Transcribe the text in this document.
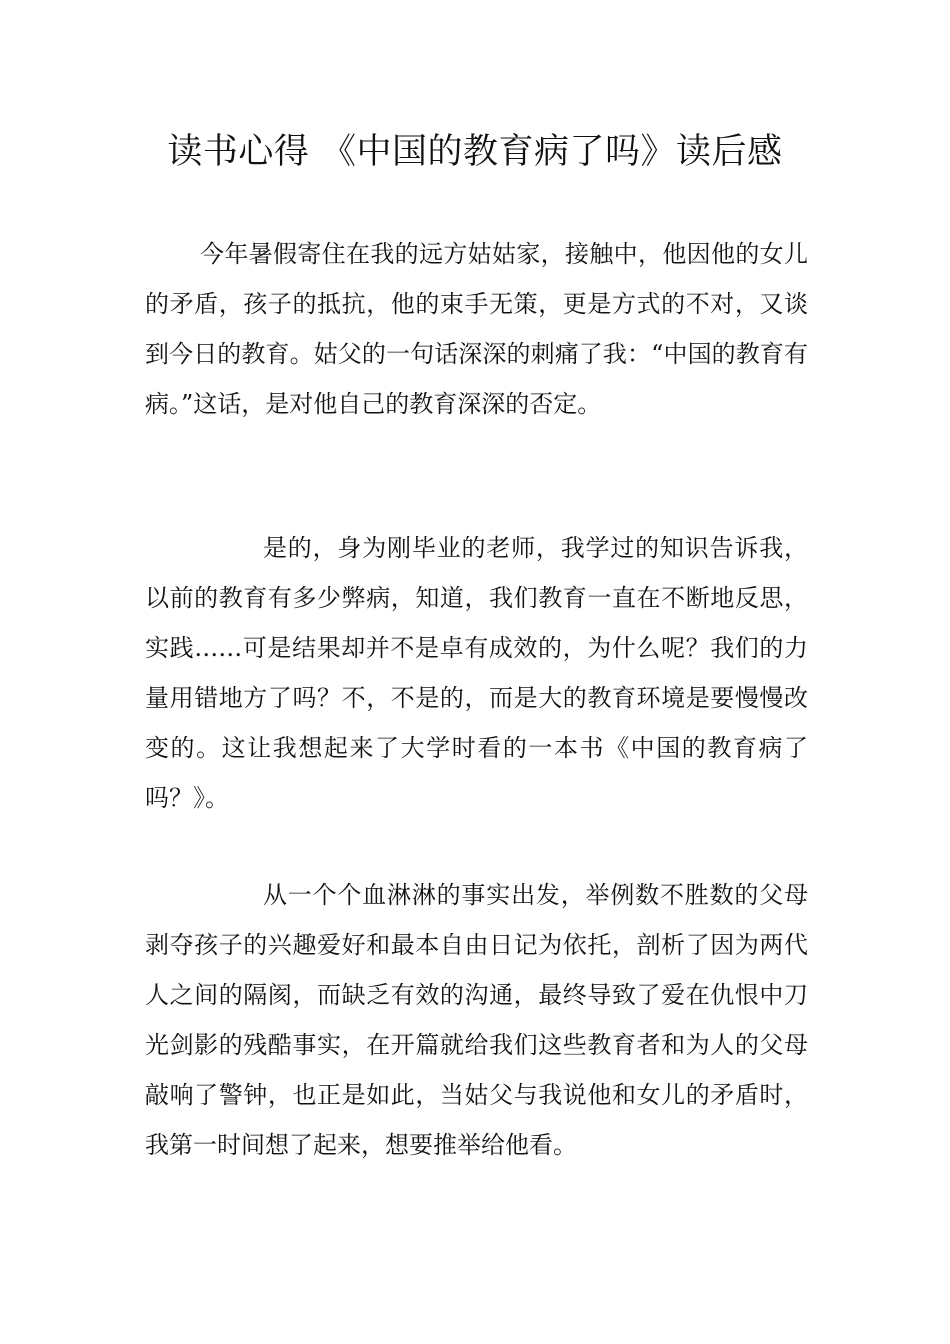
读书心得 《中国的教育病了吗》读后感

今年暑假寄住在我的远方姑姑家，接触中，他因他的女儿的矛盾，孩子的抵抗，他的束手无策，更是方式的不对，又谈到今日的教育。姑父的一句话深深的刺痛了我：“中国的教育有病。”这话，是对他自己的教育深深的否定。

是的，身为刚毕业的老师，我学过的知识告诉我，以前的教育有多少弊病，知道，我们教育一直在不断地反思，实践……可是结果却并不是卓有成效的，为什么呢？我们的力量用错地方了吗？不，不是的，而是大的教育环境是要慢慢改变的。这让我想起来了大学时看的一本书《中国的教育病了吗？》。

从一个个血淋淋的事实出发，举例数不胜数的父母剥夺孩子的兴趣爱好和最本自由日记为依托，剖析了因为两代人之间的隔阂，而缺乏有效的沟通，最终导致了爱在仇恨中刀光剑影的残酷事实，在开篇就给我们这些教育者和为人的父母敲响了警钟，也正是如此，当姑父与我说他和女儿的矛盾时，我第一时间想了起来，想要推举给他看。
